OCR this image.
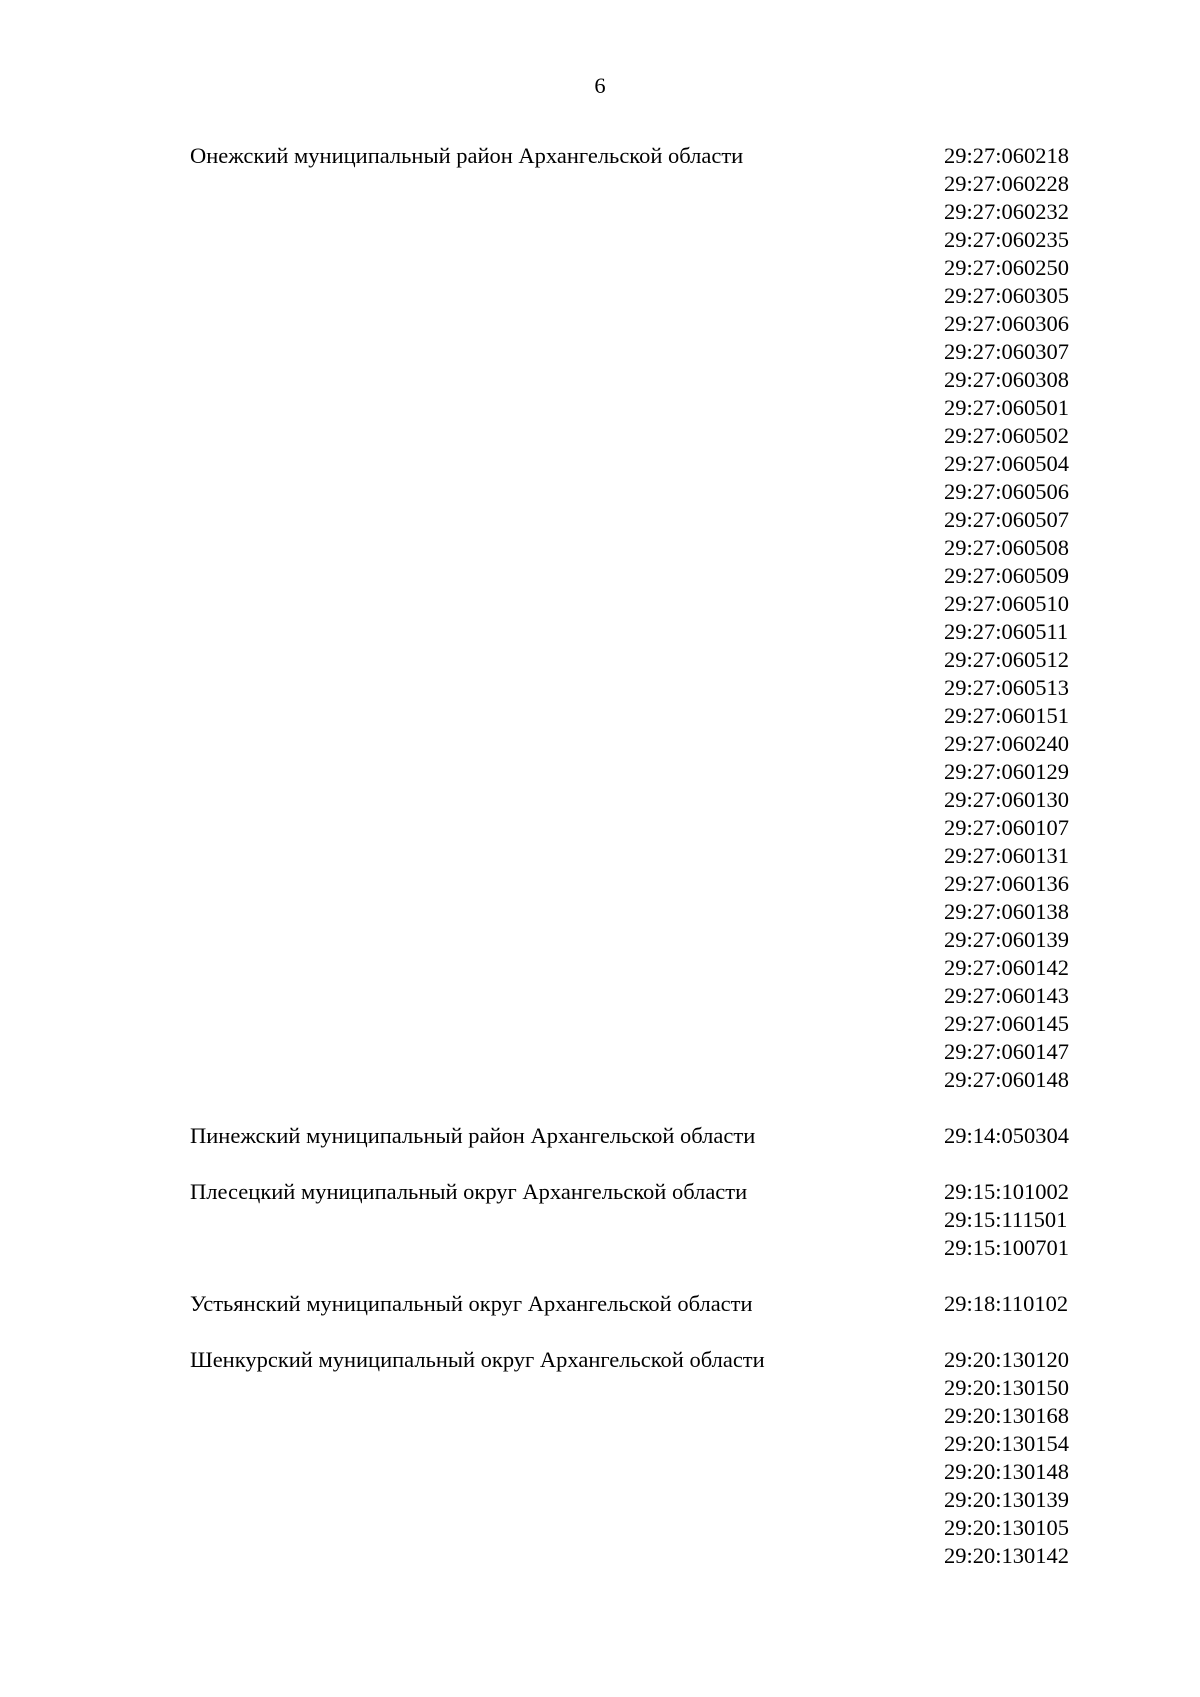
6
Онежский муниципальный район Архангельской области	29:27:060218
29:27:060228
29:27:060232
29:27:060235
29:27:060250
29:27:060305
29:27:060306
29:27:060307
29:27:060308
29:27:060501
29:27:060502
29:27:060504
29:27:060506
29:27:060507
29:27:060508
29:27:060509
29:27:060510
29:27:060511
29:27:060512
29:27:060513
29:27:060151
29:27:060240
29:27:060129
29:27:060130
29:27:060107
29:27:060131
29:27:060136
29:27:060138
29:27:060139
29:27:060142
29:27:060143
29:27:060145
29:27:060147
29:27:060148
Пинежский муниципальный район Архангельской области	29:14:050304
Плесецкий муниципальный округ Архангельской области	29:15:101002
29:15:111501
29:15:100701
Устьянский муниципальный округ Архангельской области	29:18:110102
Шенкурский муниципальный округ Архангельской области	29:20:130120
29:20:130150
29:20:130168
29:20:130154
29:20:130148
29:20:130139
29:20:130105
29:20:130142
